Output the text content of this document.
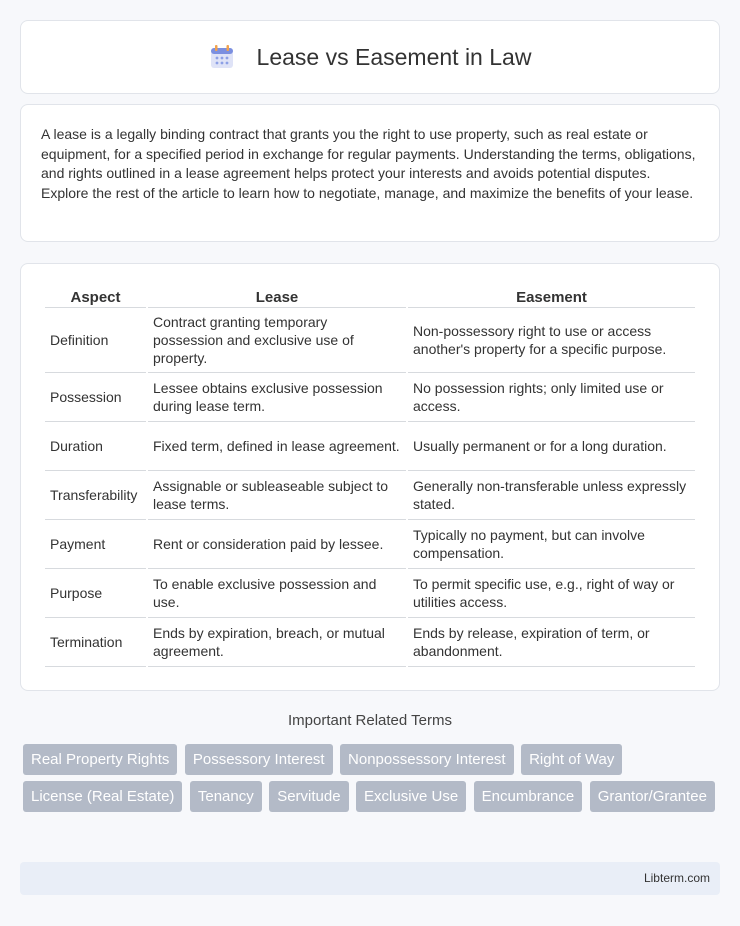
Lease vs Easement in Law

A lease is a legally binding contract that grants you the right to use property, such as real estate or equipment, for a specified period in exchange for regular payments. Understanding the terms, obligations, and rights outlined in a lease agreement helps protect your interests and avoids potential disputes. Explore the rest of the article to learn how to negotiate, manage, and maximize the benefits of your lease.

Aspect	Lease	Easement
Definition	Contract granting temporary possession and exclusive use of property.	Non-possessory right to use or access another's property for a specific purpose.
Possession	Lessee obtains exclusive possession during lease term.	No possession rights; only limited use or access.
Duration	Fixed term, defined in lease agreement.	Usually permanent or for a long duration.
Transferability	Assignable or subleaseable subject to lease terms.	Generally non-transferable unless expressly stated.
Payment	Rent or consideration paid by lessee.	Typically no payment, but can involve compensation.
Purpose	To enable exclusive possession and use.	To permit specific use, e.g., right of way or utilities access.
Termination	Ends by expiration, breach, or mutual agreement.	Ends by release, expiration of term, or abandonment.
Important Related Terms
Real Property Rights Possessory Interest Nonpossessory Interest Right of Way License (Real Estate) Tenancy Servitude Exclusive Use Encumbrance Grantor/Grantee
Libterm.com
